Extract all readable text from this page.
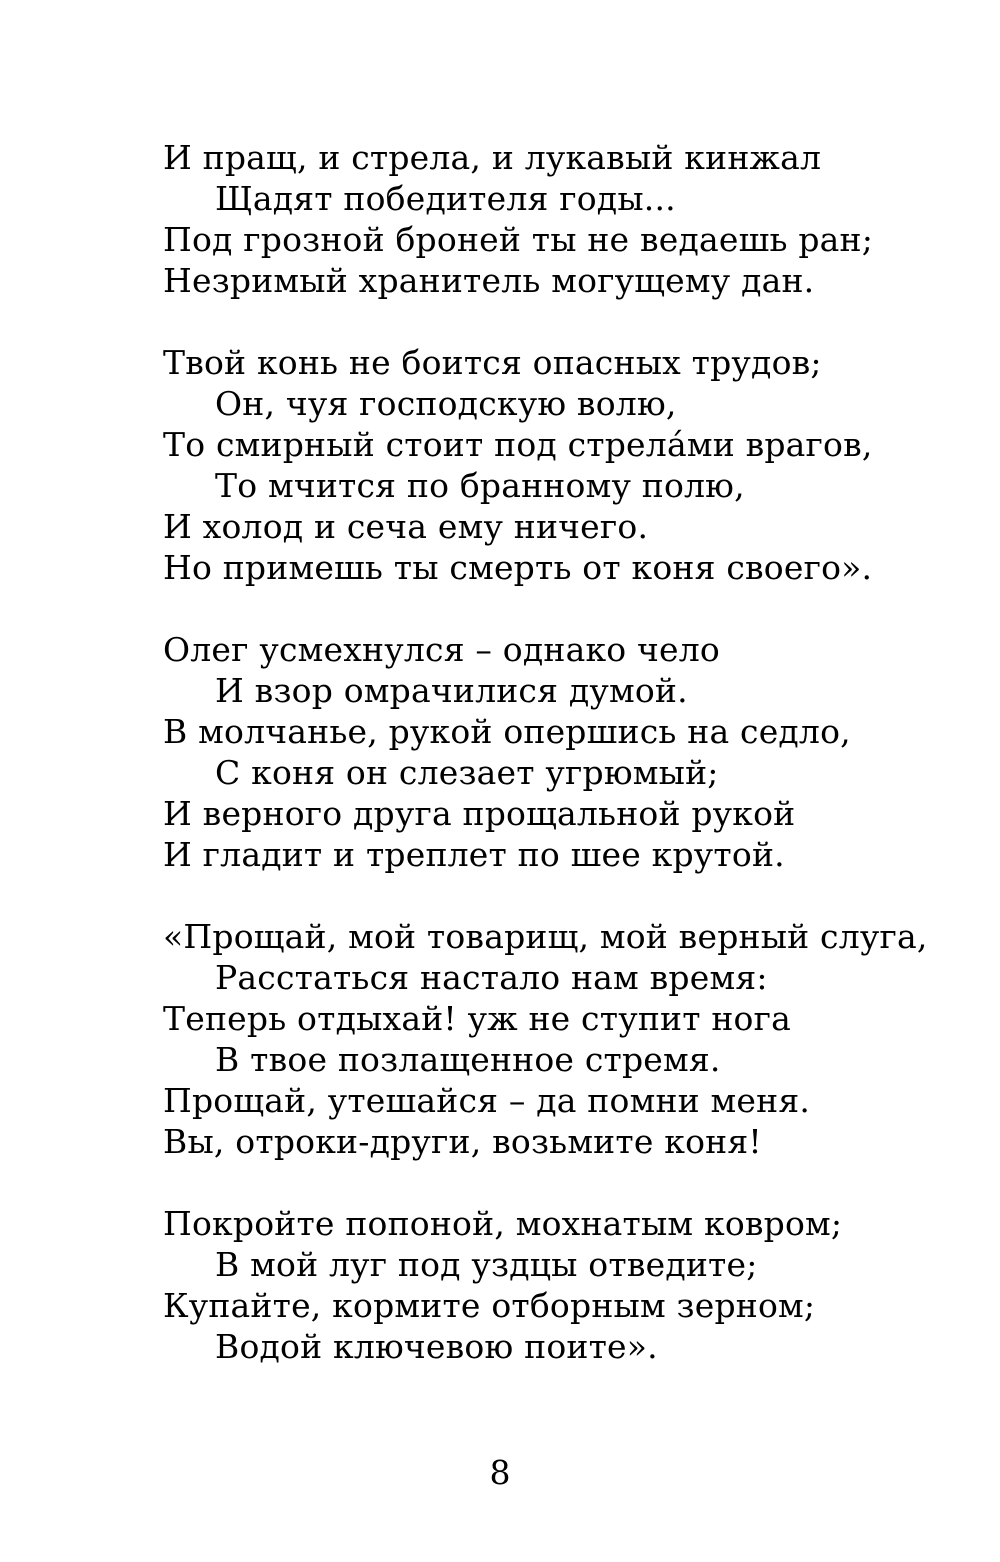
И пращ, и стрела, и лукавый кинжал
Щадят победителя годы...
Под грозной броней ты не ведаешь ран;
Незримый хранитель могущему дан.
Твой конь не боится опасных трудов;
Он, чуя господскую волю,
То смирный стоит под стрелáми врагов,
То мчится по бранному полю,
И холод и сеча ему ничего.
Но примешь ты смерть от коня своего».
Олег усмехнулся – однако чело
И взор омрачилися думой.
В молчанье, рукой опершись на седло,
С коня он слезает угрюмый;
И верного друга прощальной рукой
И гладит и треплет по шее крутой.
«Прощай, мой товарищ, мой верный слуга,
Расстаться настало нам время:
Теперь отдыхай! уж не ступит нога
В твое позлащенное стремя.
Прощай, утешайся – да помни меня.
Вы, отроки-други, возьмите коня!
Покройте попоной, мохнатым ковром;
В мой луг под уздцы отведите;
Купайте, кормите отборным зерном;
Водой ключевою поите».
8
